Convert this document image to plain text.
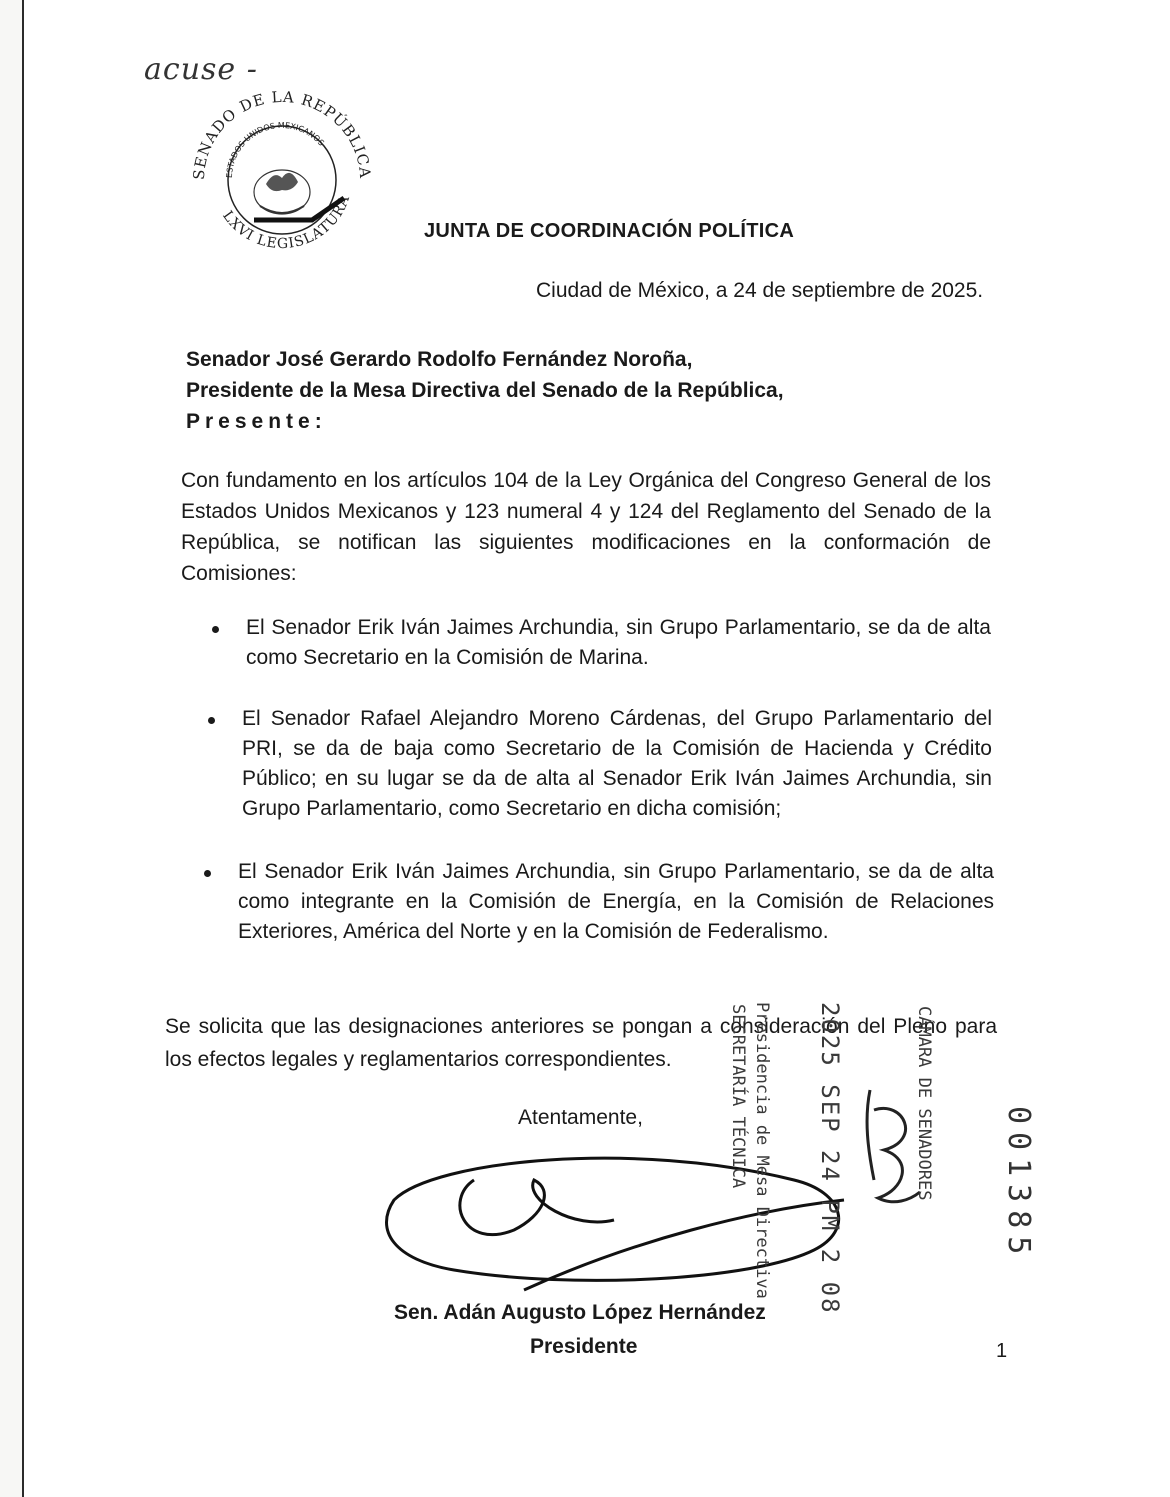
acuse -
SENADO DE LA REPÚBLICA
LXVI LEGISLATURA
ESTADOS UNIDOS MEXICANOS
JUNTA DE COORDINACIÓN POLÍTICA
Ciudad de México, a 24 de septiembre de 2025.
Senador José Gerardo Rodolfo Fernández Noroña,
Presidente de la Mesa Directiva del Senado de la República,
Presente:
Con fundamento en los artículos 104 de la Ley Orgánica del Congreso General de los Estados Unidos Mexicanos y 123 numeral 4 y 124 del Reglamento del Senado de la República, se notifican las siguientes modificaciones en la conformación de Comisiones:
El Senador Erik Iván Jaimes Archundia, sin Grupo Parlamentario, se da de alta como Secretario en la Comisión de Marina.
El Senador Rafael Alejandro Moreno Cárdenas, del Grupo Parlamentario del PRI, se da de baja como Secretario de la Comisión de Hacienda y Crédito Público; en su lugar se da de alta al Senador Erik Iván Jaimes Archundia, sin Grupo Parlamentario, como Secretario en dicha comisión;
El Senador Erik Iván Jaimes Archundia, sin Grupo Parlamentario, se da de alta como integrante en la Comisión de Energía, en la Comisión de Relaciones Exteriores, América del Norte y en la Comisión de Federalismo.
Se solicita que las designaciones anteriores se pongan a consideración del Pleno para los efectos legales y reglamentarios correspondientes.
Atentamente,	Presidencia de Mesa Directiva
SECRETARÍA TÉCNICA	2025 SEP 24 PM 2 08	CÁMARA DE SENADORES 001385
Sen. Adán Augusto López Hernández
Presidente	1
